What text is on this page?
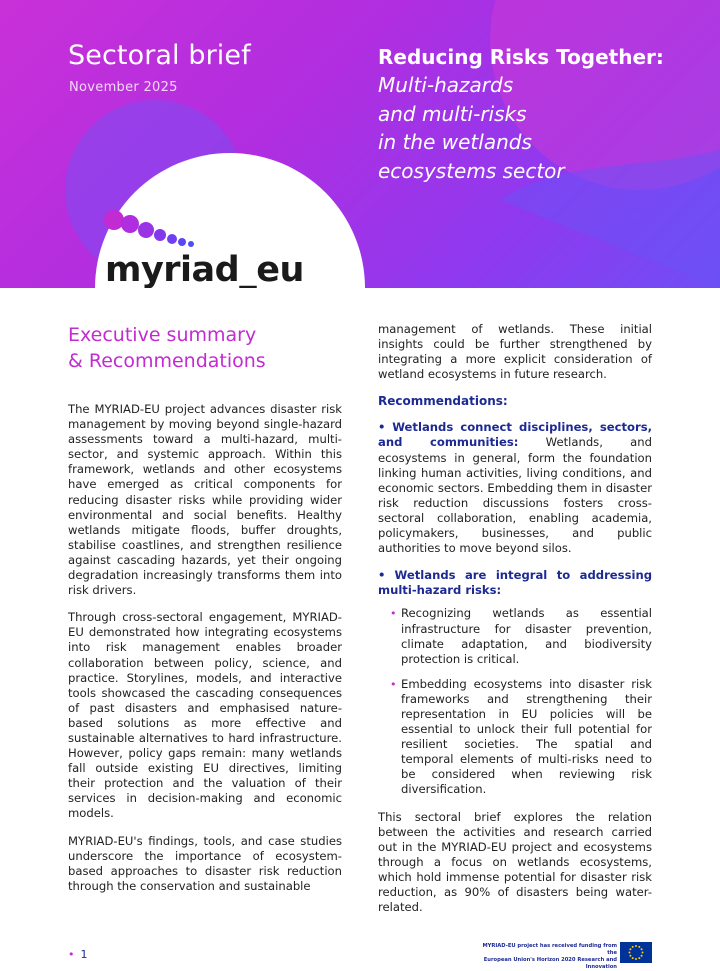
Sectoral brief
November 2025
Reducing Risks Together:
Multi-hazards
and multi-risks
in the wetlands
ecosystems sector
myriad_eu
Executive summary
& Recommendations

The MYRIAD-EU project advances disaster risk management by moving beyond single-hazard assessments toward a multi-hazard, multi-sector, and systemic approach. Within this framework, wetlands and other ecosystems have emerged as critical components for reducing disaster risks while providing wider environmental and social benefits. Healthy wetlands mitigate floods, buffer droughts, stabilise coastlines, and strengthen resilience against cascading hazards, yet their ongoing degradation increasingly transforms them into risk drivers.

Through cross-sectoral engagement, MYRIAD-EU demonstrated how integrating ecosystems into risk management enables broader collaboration between policy, science, and practice. Storylines, models, and interactive tools showcased the cascading consequences of past disasters and emphasised nature-based solutions as more effective and sustainable alternatives to hard infrastructure. However, policy gaps remain: many wetlands fall outside existing EU directives, limiting their protection and the valuation of their services in decision-making and economic models.

MYRIAD-EU's findings, tools, and case studies underscore the importance of ecosystem-based approaches to disaster risk reduction through the conservation and sustainable

management of wetlands. These initial insights could be further strengthened by integrating a more explicit consideration of wetland ecosystems in future research.

Recommendations:
• Wetlands connect disciplines, sectors, and communities: Wetlands, and ecosystems in general, form the foundation linking human activities, living conditions, and economic sectors. Embedding them in disaster risk reduction discussions fosters cross-sectoral collaboration, enabling academia, policymakers, businesses, and public authorities to move beyond silos.
• Wetlands are integral to addressing multi-hazard risks:
• Recognizing wetlands as essential infrastructure for disaster prevention, climate adaptation, and biodiversity protection is critical.
• Embedding ecosystems into disaster risk frameworks and strengthening their representation in EU policies will be essential to unlock their full potential for resilient societies. The spatial and temporal elements of multi-risks need to be considered when reviewing risk diversification.

This sectoral brief explores the relation between the activities and research carried out in the MYRIAD-EU project and ecosystems through a focus on wetlands ecosystems, which hold immense potential for disaster risk reduction, as 90% of disasters being water-related.

• 1
MYRIAD-EU project has received funding from the
European Union's Horizon 2020 Research and Innovation
